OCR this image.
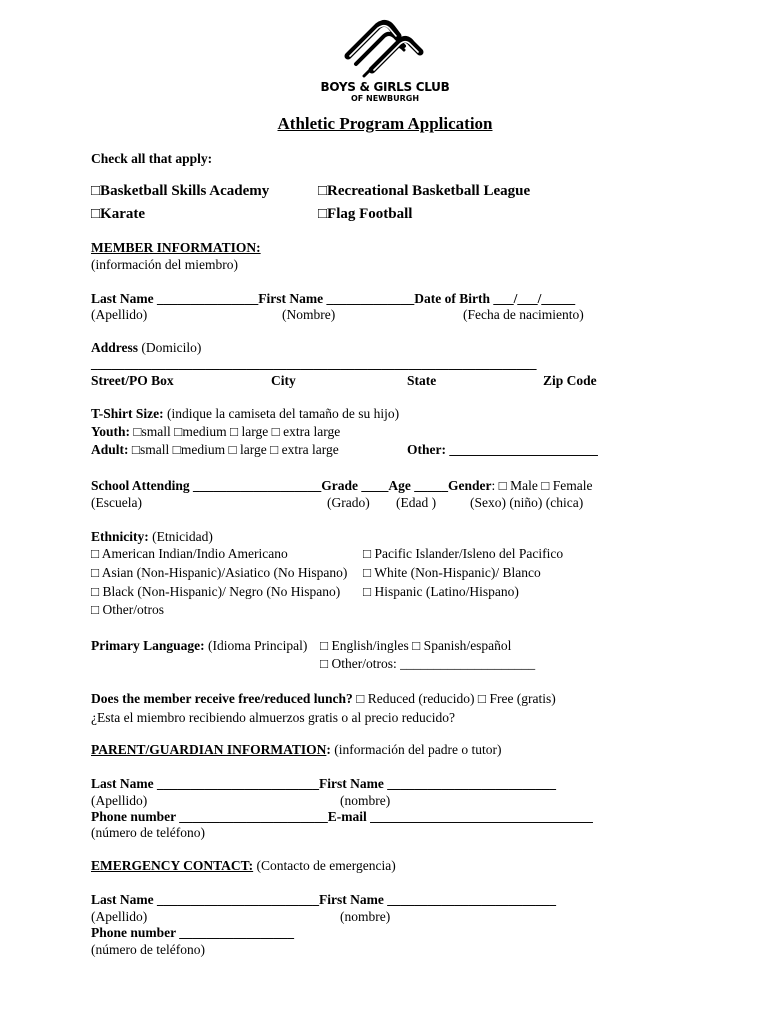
BOYS & GIRLS CLUB
OF NEWBURGH
Athletic Program Application
Check all that apply:
□Basketball Skills Academy	□Recreational Basketball League
□Karate	□Flag Football
MEMBER INFORMATION:
(información del miembro)
Last Name _______________First Name _____________Date of Birth ___/___/_____
(Apellido)	(Nombre)	(Fecha de nacimiento)
Address (Domicilo)
__________________________________________________________________
Street/PO Box	City	State	Zip Code
T-Shirt Size: (indique la camiseta del tamaño de su hijo)
Youth: □small □medium □ large □ extra large
Adult: □small □medium □ large □ extra large	Other: ______________________
School Attending ___________________Grade ____Age _____Gender: □ Male □ Female
(Escuela)	(Grado) (Edad )	(Sexo) (niño) (chica)
Ethnicity: (Etnicidad)
□ American Indian/Indio Americano
□ Asian (Non-Hispanic)/Asiatico (No Hispano)
□ Black (Non-Hispanic)/ Negro (No Hispano)
□ Other/otros
□ Pacific Islander/Isleno del Pacifico
□ White (Non-Hispanic)/ Blanco
□ Hispanic (Latino/Hispano)
Primary Language: (Idioma Principal) □ English/ingles □ Spanish/español
□ Other/otros: ____________________
Does the member receive free/reduced lunch? □ Reduced (reducido) □ Free (gratis)
¿Esta el miembro recibiendo almuerzos gratis o al precio reducido?
PARENT/GUARDIAN INFORMATION: (información del padre o tutor)
Last Name ________________________First Name _________________________
(Apellido)	(nombre)
Phone number ______________________E-mail _________________________________
(número de teléfono)
EMERGENCY CONTACT: (Contacto de emergencia)
Last Name ________________________First Name _________________________
(Apellido)	(nombre)
Phone number _________________
(número de teléfono)
